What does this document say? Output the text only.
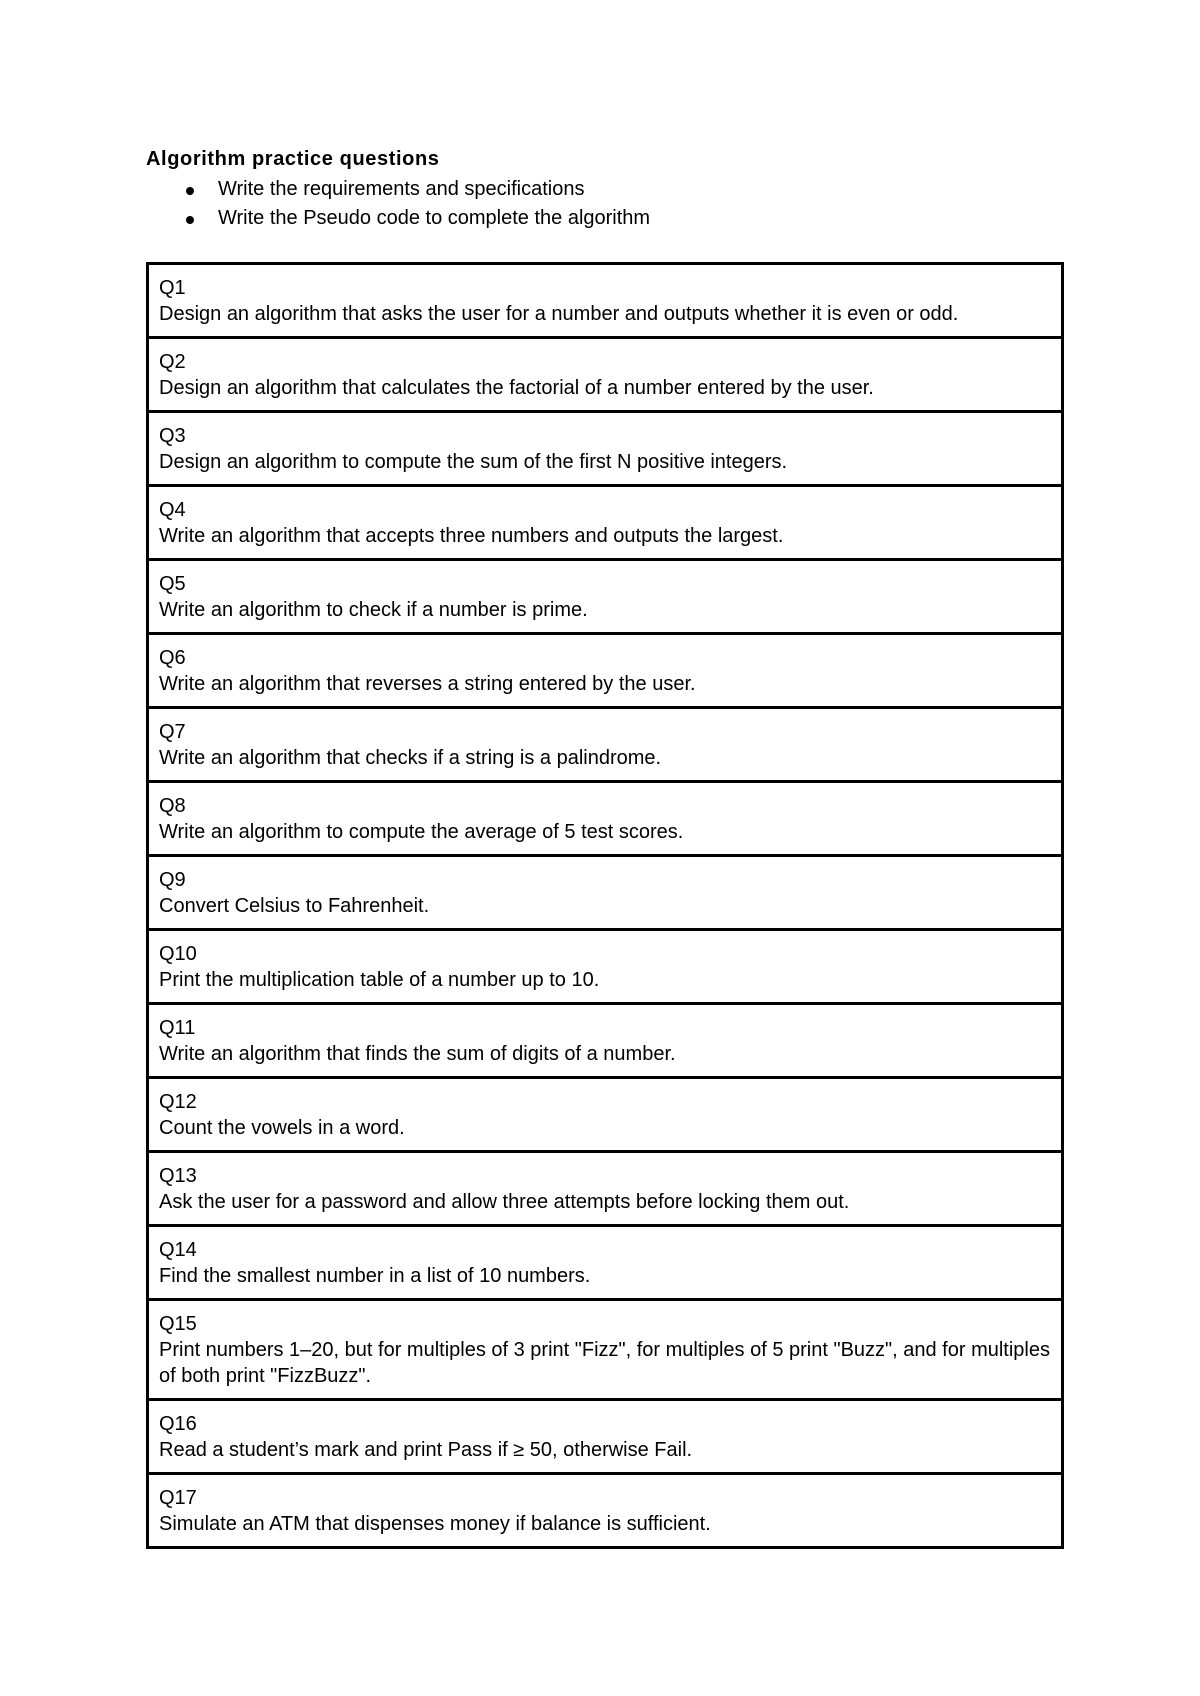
Algorithm practice questions
Write the requirements and specifications
Write the Pseudo code to complete the algorithm
Q1
Design an algorithm that asks the user for a number and outputs whether it is even or odd.

Q2
Design an algorithm that calculates the factorial of a number entered by the user.

Q3
Design an algorithm to compute the sum of the first N positive integers.

Q4
Write an algorithm that accepts three numbers and outputs the largest.

Q5
Write an algorithm to check if a number is prime.

Q6
Write an algorithm that reverses a string entered by the user.

Q7
Write an algorithm that checks if a string is a palindrome.

Q8
Write an algorithm to compute the average of 5 test scores.

Q9
Convert Celsius to Fahrenheit.

Q10
Print the multiplication table of a number up to 10.

Q11
Write an algorithm that finds the sum of digits of a number.

Q12
Count the vowels in a word.

Q13
Ask the user for a password and allow three attempts before locking them out.

Q14
Find the smallest number in a list of 10 numbers.

Q15
Print numbers 1–20, but for multiples of 3 print "Fizz", for multiples of 5 print "Buzz", and for multiples of both print "FizzBuzz".

Q16
Read a student’s mark and print Pass if ≥ 50, otherwise Fail.

Q17
Simulate an ATM that dispenses money if balance is sufficient.
